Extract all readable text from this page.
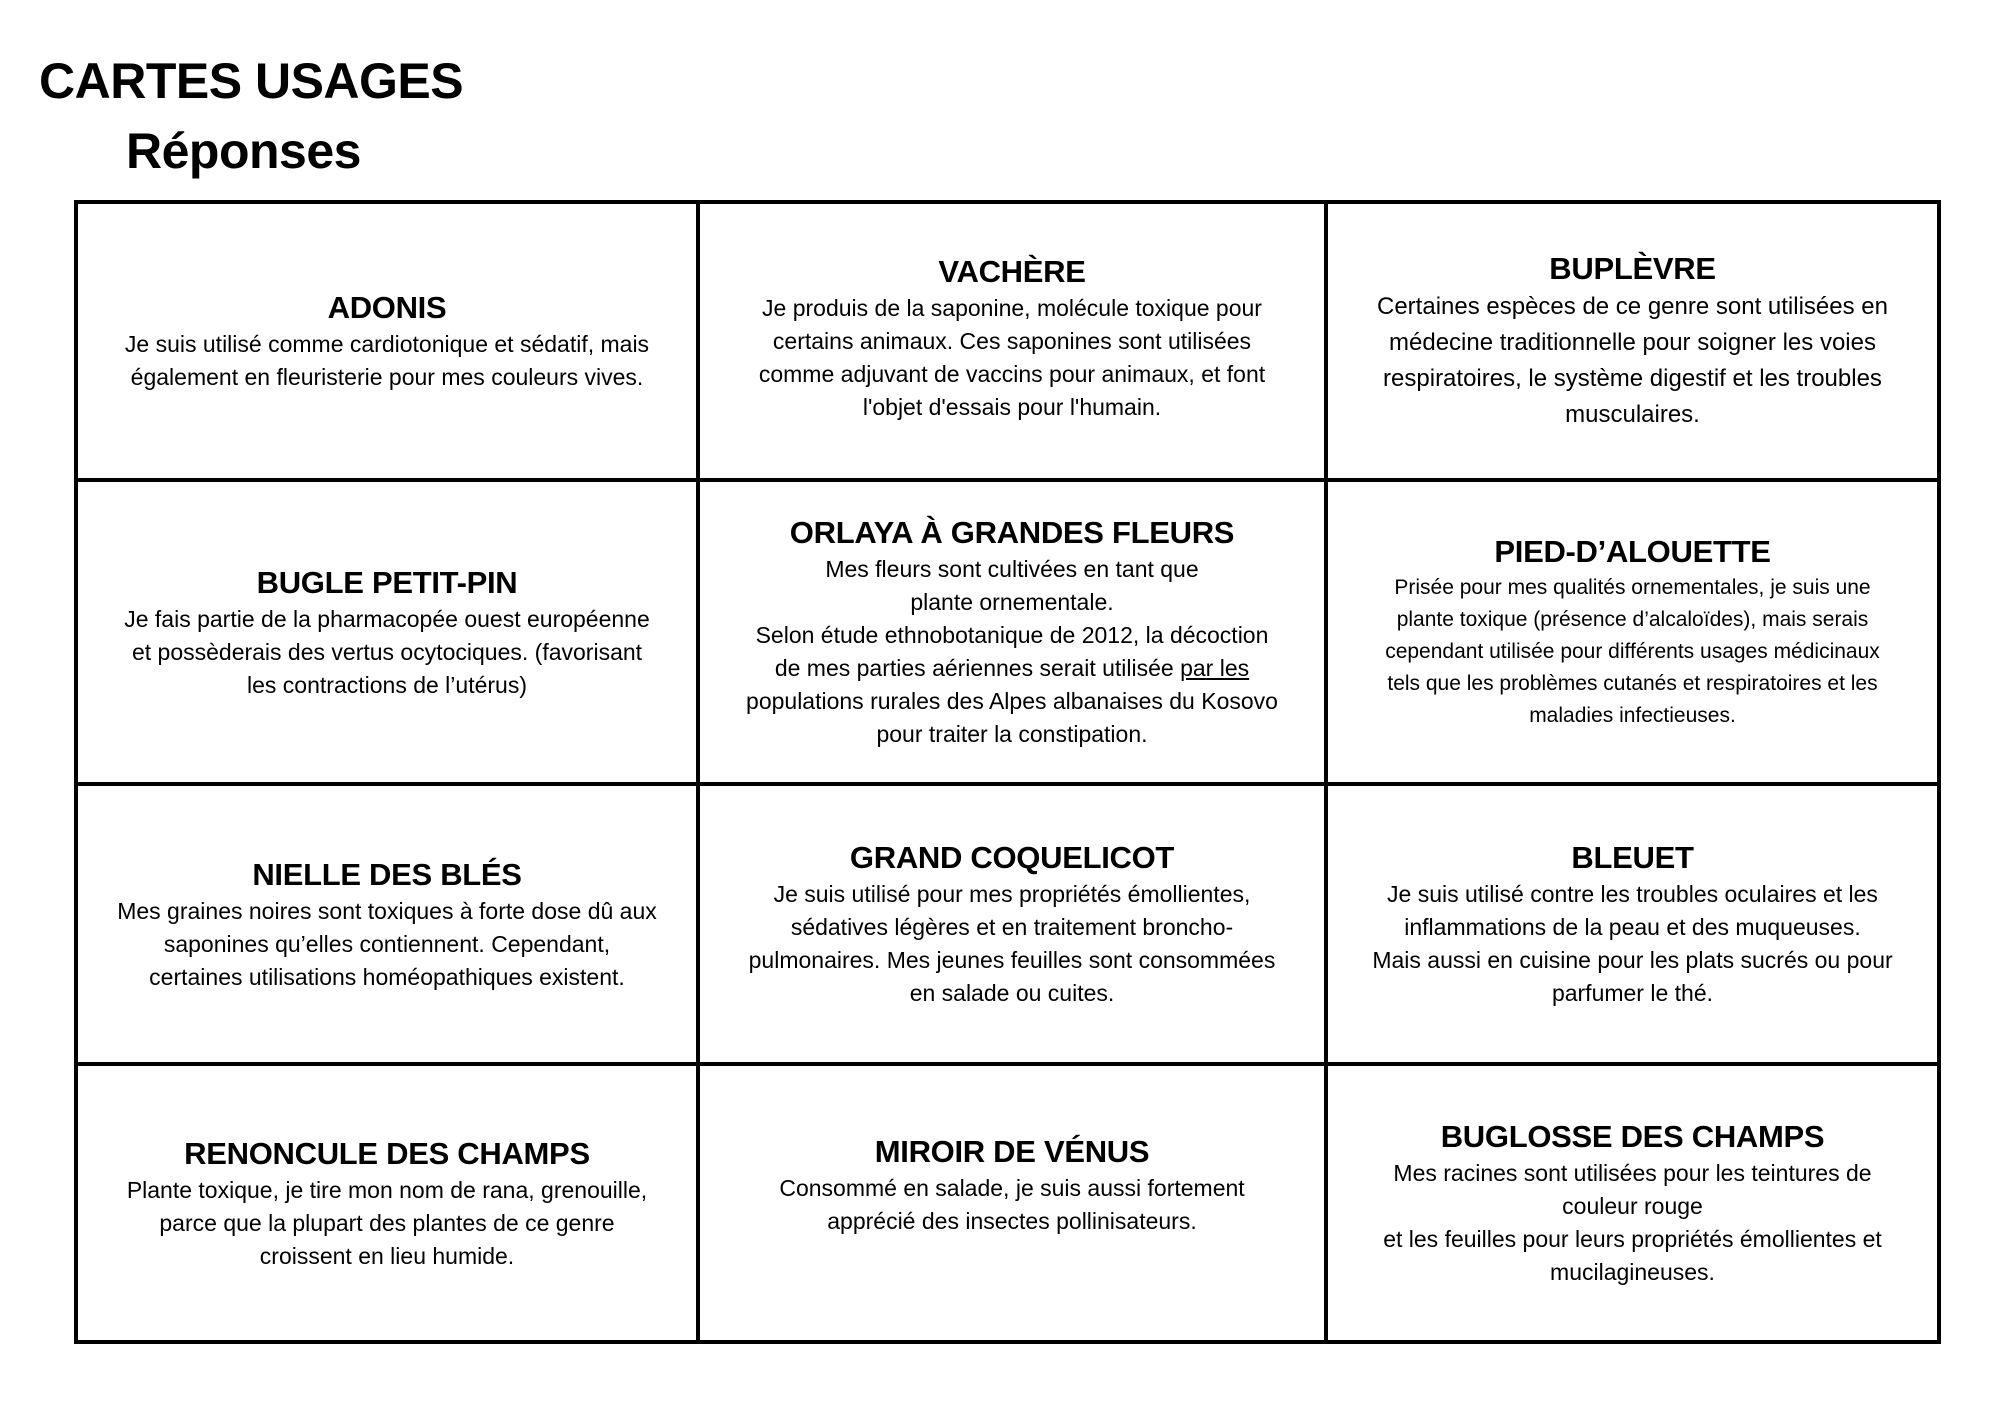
CARTES USAGES
Réponses

ADONIS

Je suis utilisé comme cardiotonique et sédatif, mais
également en fleuristerie pour mes couleurs vives.

VACHÈRE

Je produis de la saponine, molécule toxique pour
certains animaux. Ces saponines sont utilisées
comme adjuvant de vaccins pour animaux, et font
l'objet d'essais pour l'humain.

BUPLÈVRE

Certaines espèces de ce genre sont utilisées en
médecine traditionnelle pour soigner les voies
respiratoires, le système digestif et les troubles
musculaires.

BUGLE PETIT-PIN

Je fais partie de la pharmacopée ouest européenne
et possèderais des vertus ocytociques. (favorisant
les contractions de l’utérus)

ORLAYA À GRANDES FLEURS

Mes fleurs sont cultivées en tant que
plante ornementale.
Selon étude ethnobotanique de 2012, la décoction
de mes parties aériennes serait utilisée par les
populations rurales des Alpes albanaises du Kosovo
pour traiter la constipation.

PIED-D’ALOUETTE

Prisée pour mes qualités ornementales, je suis une
plante toxique (présence d’alcaloïdes), mais serais
cependant utilisée pour différents usages médicinaux
tels que les problèmes cutanés et respiratoires et les
maladies infectieuses.

NIELLE DES BLÉS

Mes graines noires sont toxiques à forte dose dû aux
saponines qu’elles contiennent. Cependant,
certaines utilisations homéopathiques existent.

GRAND COQUELICOT

Je suis utilisé pour mes propriétés émollientes,
sédatives légères et en traitement broncho-
pulmonaires. Mes jeunes feuilles sont consommées
en salade ou cuites.

BLEUET

Je suis utilisé contre les troubles oculaires et les
inflammations de la peau et des muqueuses.
Mais aussi en cuisine pour les plats sucrés ou pour
parfumer le thé.

RENONCULE DES CHAMPS

Plante toxique, je tire mon nom de rana, grenouille,
parce que la plupart des plantes de ce genre
croissent en lieu humide.

MIROIR DE VÉNUS

Consommé en salade, je suis aussi fortement
apprécié des insectes pollinisateurs.

BUGLOSSE DES CHAMPS

Mes racines sont utilisées pour les teintures de
couleur rouge
et les feuilles pour leurs propriétés émollientes et
mucilagineuses.
